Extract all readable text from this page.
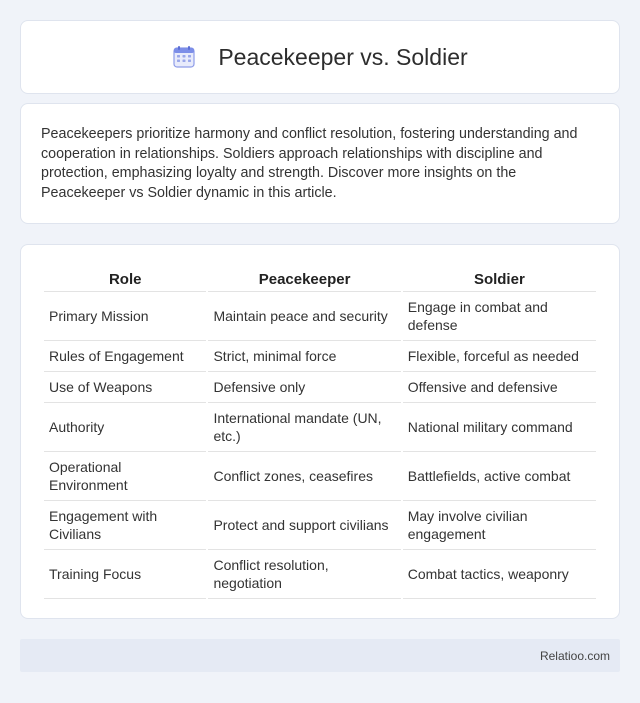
Peacekeeper vs. Soldier

Peacekeepers prioritize harmony and conflict resolution, fostering understanding and cooperation in relationships. Soldiers approach relationships with discipline and protection, emphasizing loyalty and strength. Discover more insights on the Peacekeeper vs Soldier dynamic in this article.

Role	Peacekeeper	Soldier
Primary Mission	Maintain peace and security	Engage in combat and defense
Rules of Engagement	Strict, minimal force	Flexible, forceful as needed
Use of Weapons	Defensive only	Offensive and defensive
Authority	International mandate (UN, etc.)	National military command
Operational Environment	Conflict zones, ceasefires	Battlefields, active combat
Engagement with Civilians	Protect and support civilians	May involve civilian engagement
Training Focus	Conflict resolution, negotiation	Combat tactics, weaponry
Relatioo.com
